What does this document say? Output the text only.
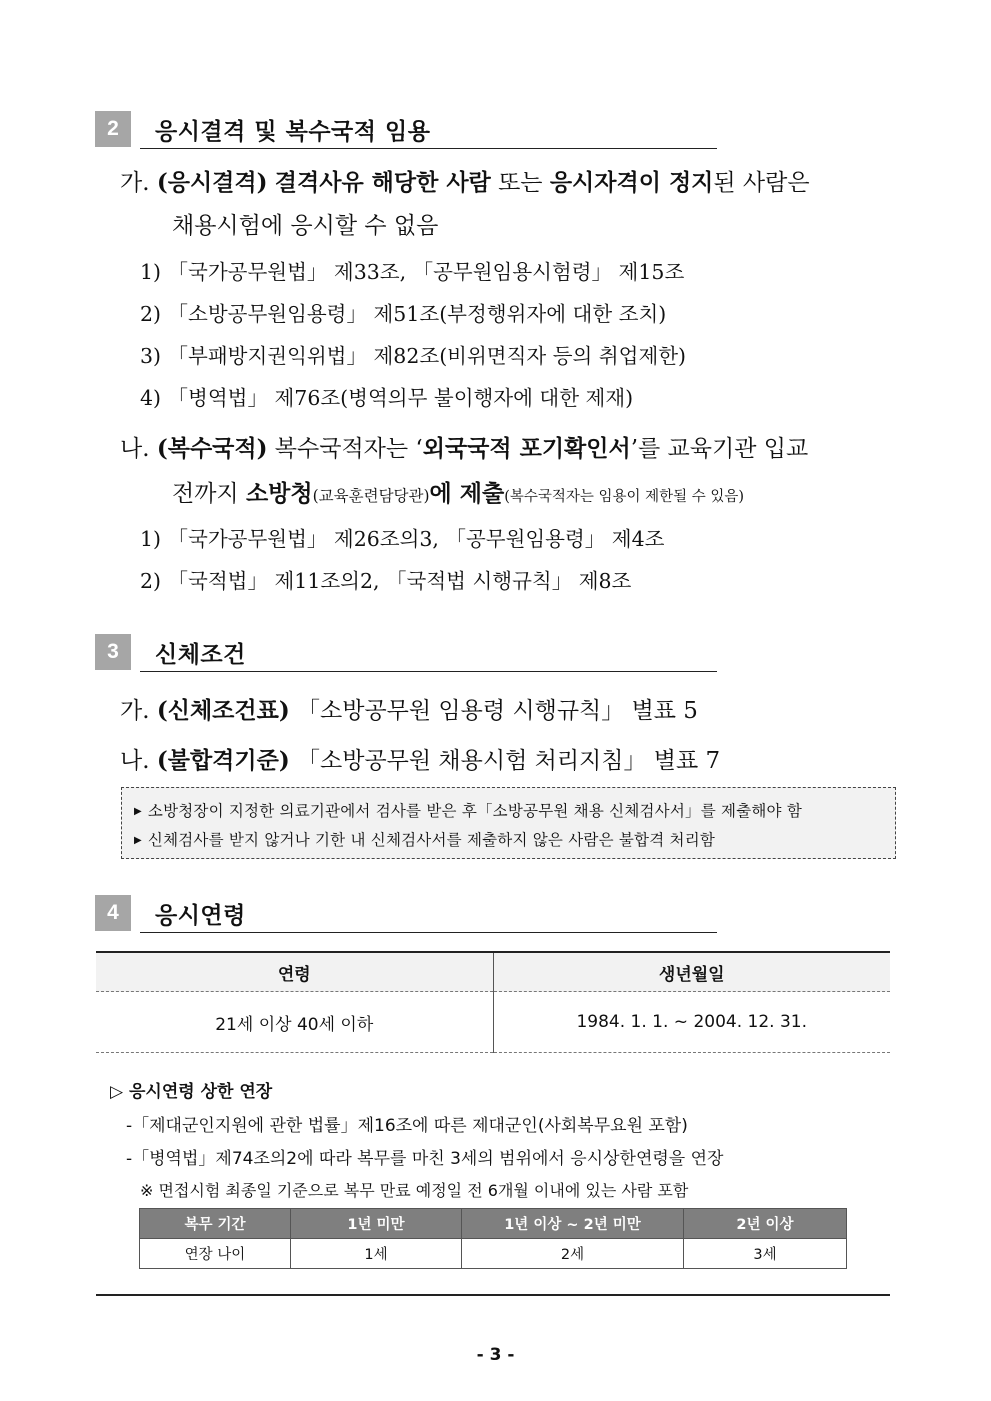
2	응시결격 및 복수국적 임용
가. (응시결격) 결격사유 해당한 사람 또는 응시자격이 정지된 사람은
채용시험에 응시할 수 없음
1) 「국가공무원법」 제33조, 「공무원임용시험령」 제15조
2) 「소방공무원임용령」 제51조(부정행위자에 대한 조치)
3) 「부패방지권익위법」 제82조(비위면직자 등의 취업제한)
4) 「병역법」 제76조(병역의무 불이행자에 대한 제재)
나. (복수국적) 복수국적자는 ‘외국국적 포기확인서’를 교육기관 입교
전까지 소방청(교육훈련담당관)에 제출(복수국적자는 임용이 제한될 수 있음)
1) 「국가공무원법」 제26조의3, 「공무원임용령」 제4조
2) 「국적법」 제11조의2, 「국적법 시행규칙」 제8조
3	신체조건
가. (신체조건표) 「소방공무원 임용령 시행규칙」 별표 5
나. (불합격기준) 「소방공무원 채용시험 처리지침」 별표 7
▶ 소방청장이 지정한 의료기관에서 검사를 받은 후「소방공무원 채용 신체검사서」를 제출해야 함
▶ 신체검사를 받지 않거나 기한 내 신체검사서를 제출하지 않은 사람은 불합격 처리함
4	응시연령
연령	생년월일
21세 이상 40세 이하	1984. 1. 1. ~ 2004. 12. 31.
▷ 응시연령 상한 연장
-「제대군인지원에 관한 법률」제16조에 따른 제대군인(사회복무요원 포함)
-「병역법」제74조의2에 따라 복무를 마친 3세의 범위에서 응시상한연령을 연장
※ 면접시험 최종일 기준으로 복무 만료 예정일 전 6개월 이내에 있는 사람 포함
복무 기간	1년 미만	1년 이상 ~ 2년 미만	2년 이상
연장 나이	1세	2세	3세
- 3 -
